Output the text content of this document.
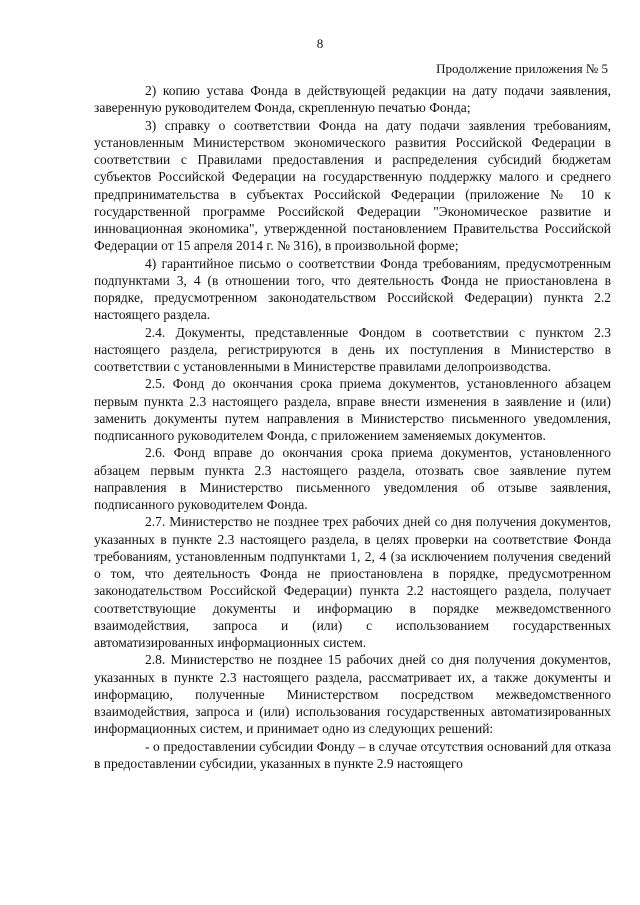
8
Продолжение приложения № 5

2) копию устава Фонда в действующей редакции на дату подачи заявления, заверенную руководителем Фонда, скрепленную печатью Фонда;

3) справку о соответствии Фонда на дату подачи заявления требованиям, установленным Министерством экономического развития Российской Федерации в соответствии с Правилами предоставления и распределения субсидий бюджетам субъектов Российской Федерации на государственную поддержку малого и среднего предпринимательства в субъектах Российской Федерации (приложение № 10 к государственной программе Российской Федерации "Экономическое развитие и инновационная экономика", утвержденной постановлением Правительства Российской Федерации от 15 апреля 2014 г. № 316), в произвольной форме;

4) гарантийное письмо о соответствии Фонда требованиям, предусмотренным подпунктами 3, 4 (в отношении того, что деятельность Фонда не приостановлена в порядке, предусмотренном законодательством Российской Федерации) пункта 2.2 настоящего раздела.

2.4. Документы, представленные Фондом в соответствии с пунктом 2.3 настоящего раздела, регистрируются в день их поступления в Министерство в соответствии с установленными в Министерстве правилами делопроизводства.

2.5. Фонд до окончания срока приема документов, установленного абзацем первым пункта 2.3 настоящего раздела, вправе внести изменения в заявление и (или) заменить документы путем направления в Министерство письменного уведомления, подписанного руководителем Фонда, с приложением заменяемых документов.

2.6. Фонд вправе до окончания срока приема документов, установленного абзацем первым пункта 2.3 настоящего раздела, отозвать свое заявление путем направления в Министерство письменного уведомления об отзыве заявления, подписанного руководителем Фонда.

2.7. Министерство не позднее трех рабочих дней со дня получения документов, указанных в пункте 2.3 настоящего раздела, в целях проверки на соответствие Фонда требованиям, установленным подпунктами 1, 2, 4 (за исключением получения сведений о том, что деятельность Фонда не приостановлена в порядке, предусмотренном законодательством Российской Федерации) пункта 2.2 настоящего раздела, получает соответствующие документы и информацию в порядке межведомственного взаимодействия, запроса и (или) с использованием государственных автоматизированных информационных систем.

2.8. Министерство не позднее 15 рабочих дней со дня получения документов, указанных в пункте 2.3 настоящего раздела, рассматривает их, а также документы и информацию, полученные Министерством посредством межведомственного взаимодействия, запроса и (или) использования государственных автоматизированных информационных систем, и принимает одно из следующих решений:

- о предоставлении субсидии Фонду – в случае отсутствия оснований для отказа в предоставлении субсидии, указанных в пункте 2.9 настоящего
